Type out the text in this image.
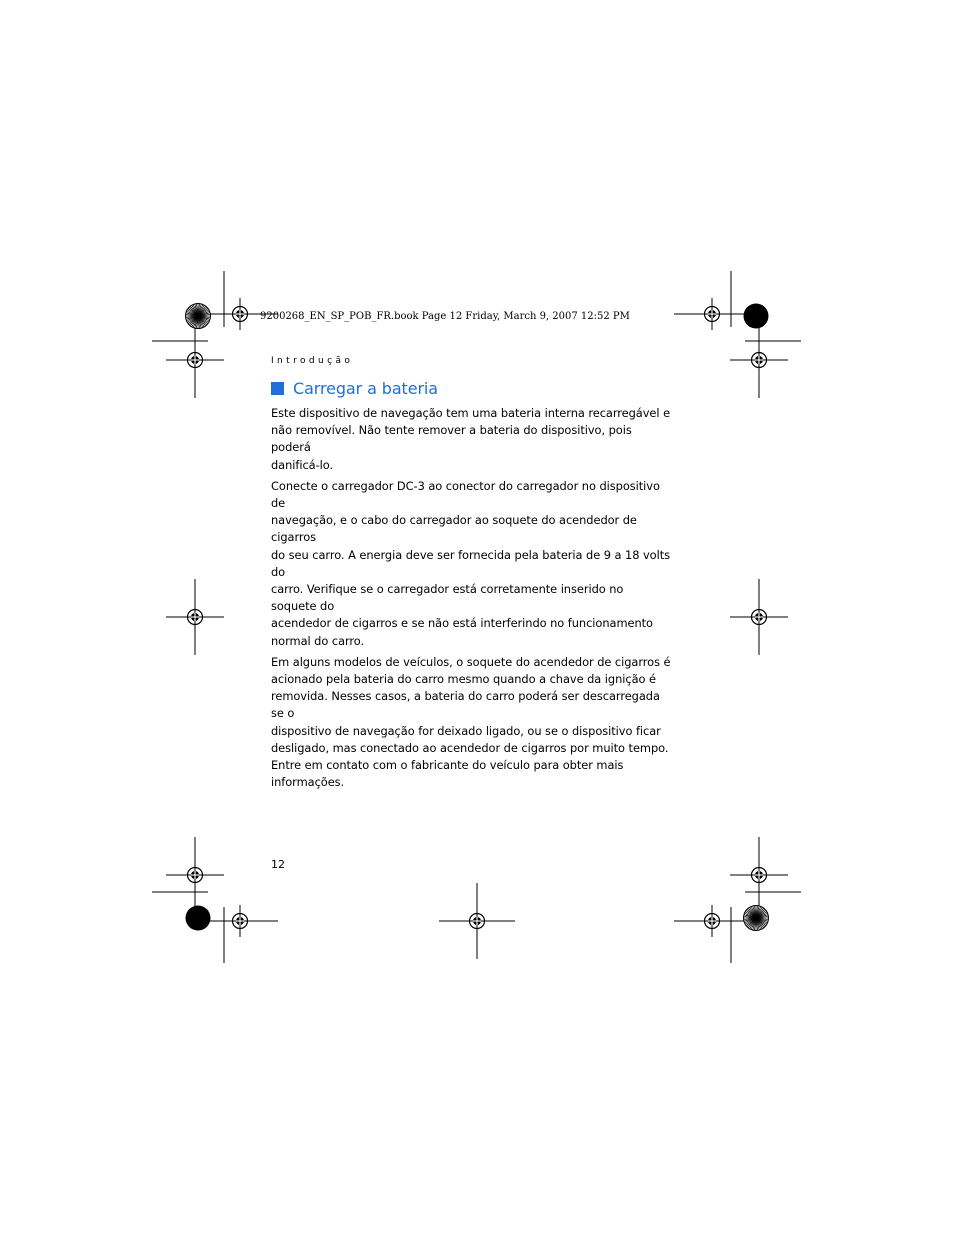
9200268_EN_SP_POB_FR.book Page 12 Friday, March 9, 2007 12:52 PM
Introdução
Carregar a bateria

Este dispositivo de navegação tem uma bateria interna recarregável e
não removível. Não tente remover a bateria do dispositivo, pois poderá
danificá-lo.

Conecte o carregador DC-3 ao conector do carregador no dispositivo de
navegação, e o cabo do carregador ao soquete do acendedor de cigarros
do seu carro. A energia deve ser fornecida pela bateria de 9 a 18 volts do
carro. Verifique se o carregador está corretamente inserido no soquete do
acendedor de cigarros e se não está interferindo no funcionamento
normal do carro.

Em alguns modelos de veículos, o soquete do acendedor de cigarros é
acionado pela bateria do carro mesmo quando a chave da ignição é
removida. Nesses casos, a bateria do carro poderá ser descarregada se o
dispositivo de navegação for deixado ligado, ou se o dispositivo ficar
desligado, mas conectado ao acendedor de cigarros por muito tempo.
Entre em contato com o fabricante do veículo para obter mais
informações.

12
